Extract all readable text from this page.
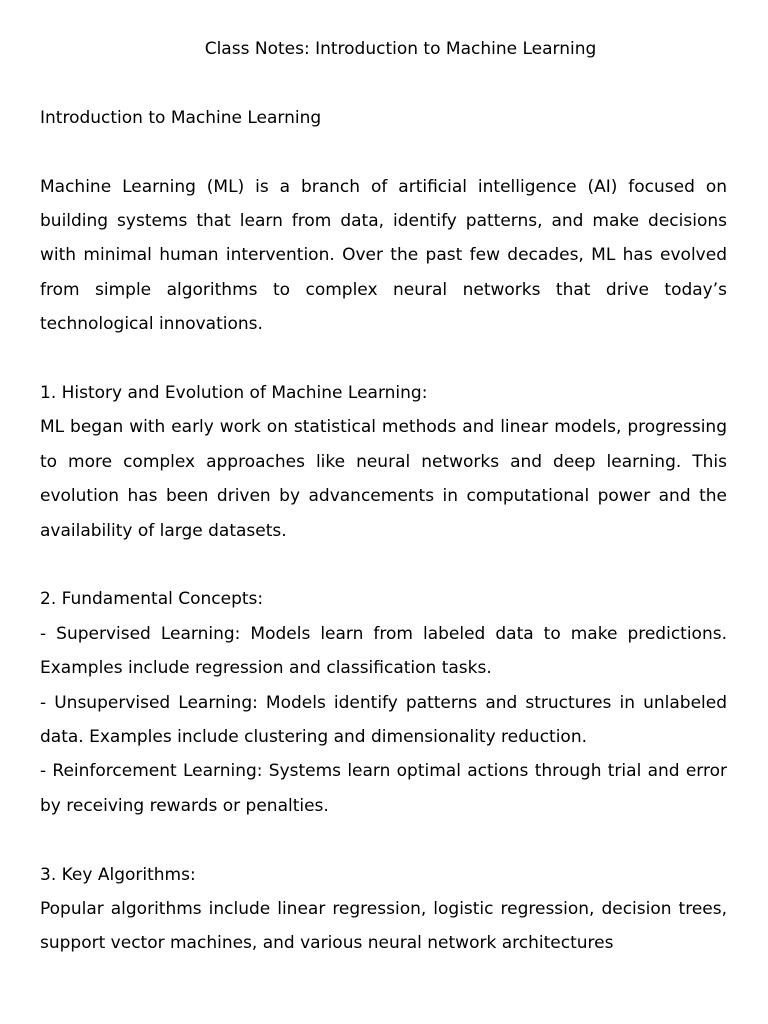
Class Notes: Introduction to Machine Learning
Introduction to Machine Learning

Machine Learning (ML) is a branch of artificial intelligence (AI) focused on building systems that learn from data, identify patterns, and make decisions with minimal human intervention. Over the past few decades, ML has evolved from simple algorithms to complex neural networks that drive today’s technological innovations.

1. History and Evolution of Machine Learning:

ML began with early work on statistical methods and linear models, progressing to more complex approaches like neural networks and deep learning. This evolution has been driven by advancements in computational power and the availability of large datasets.

2. Fundamental Concepts:

- Supervised Learning: Models learn from labeled data to make predictions. Examples include regression and classification tasks.

- Unsupervised Learning: Models identify patterns and structures in unlabeled data. Examples include clustering and dimensionality reduction.

- Reinforcement Learning: Systems learn optimal actions through trial and error by receiving rewards or penalties.

3. Key Algorithms:

Popular algorithms include linear regression, logistic regression, decision trees, support vector machines, and various neural network architectures
